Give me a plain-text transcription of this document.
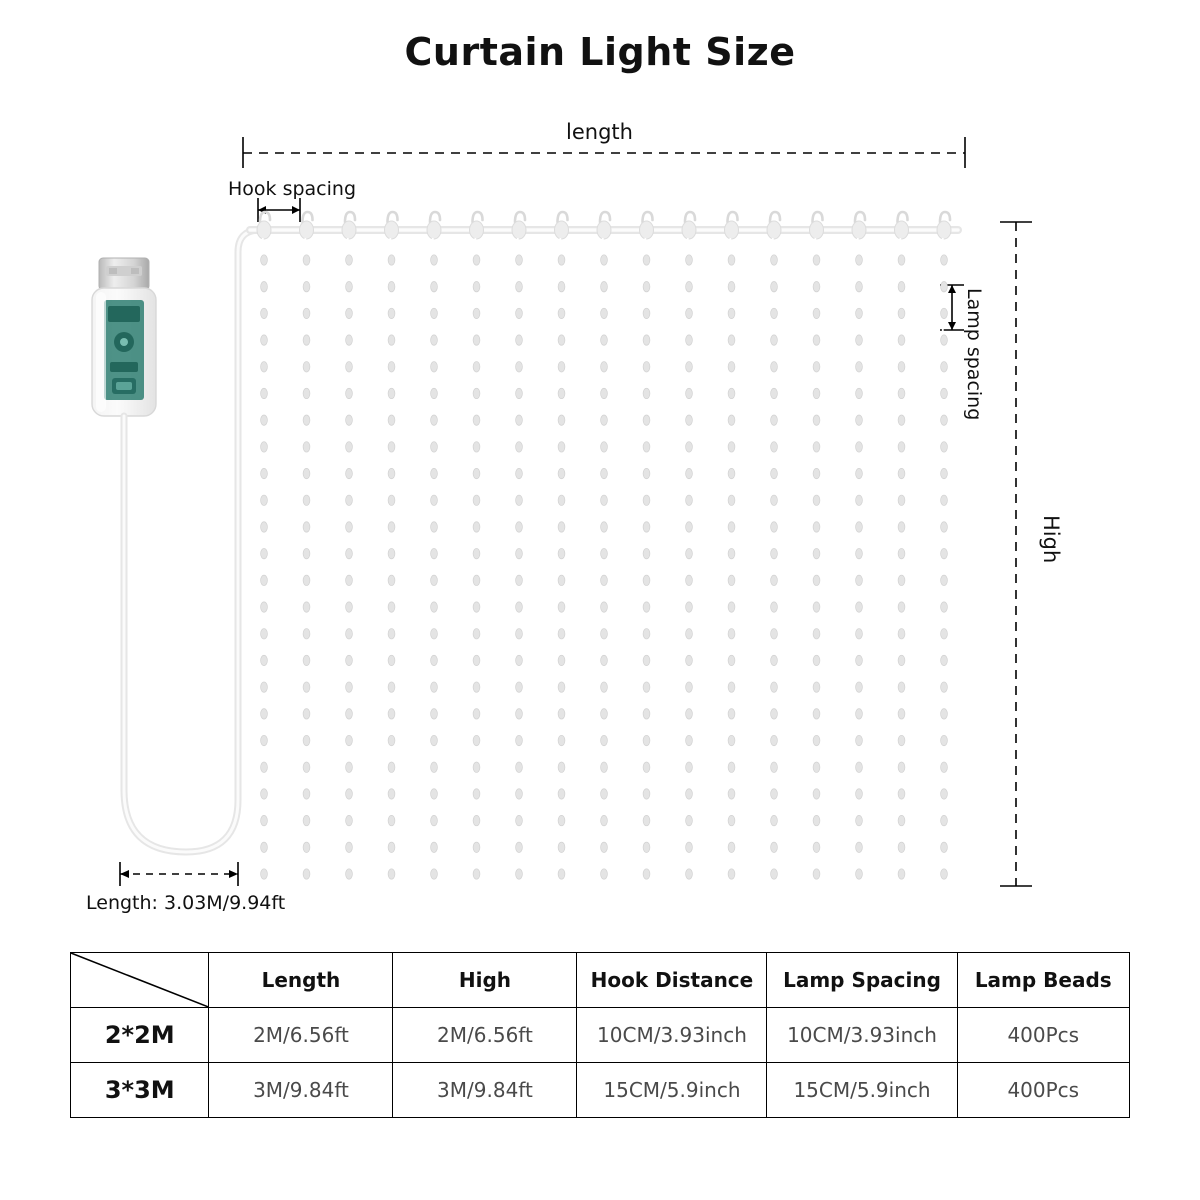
Curtain Light Size
length
Hook spacing
Lamp spacing
High
Length: 3.03M/9.94ft
	Length	High	Hook Distance	Lamp Spacing	Lamp Beads
2*2M	2M/6.56ft	2M/6.56ft	10CM/3.93inch	10CM/3.93inch	400Pcs
3*3M	3M/9.84ft	3M/9.84ft	15CM/5.9inch	15CM/5.9inch	400Pcs
